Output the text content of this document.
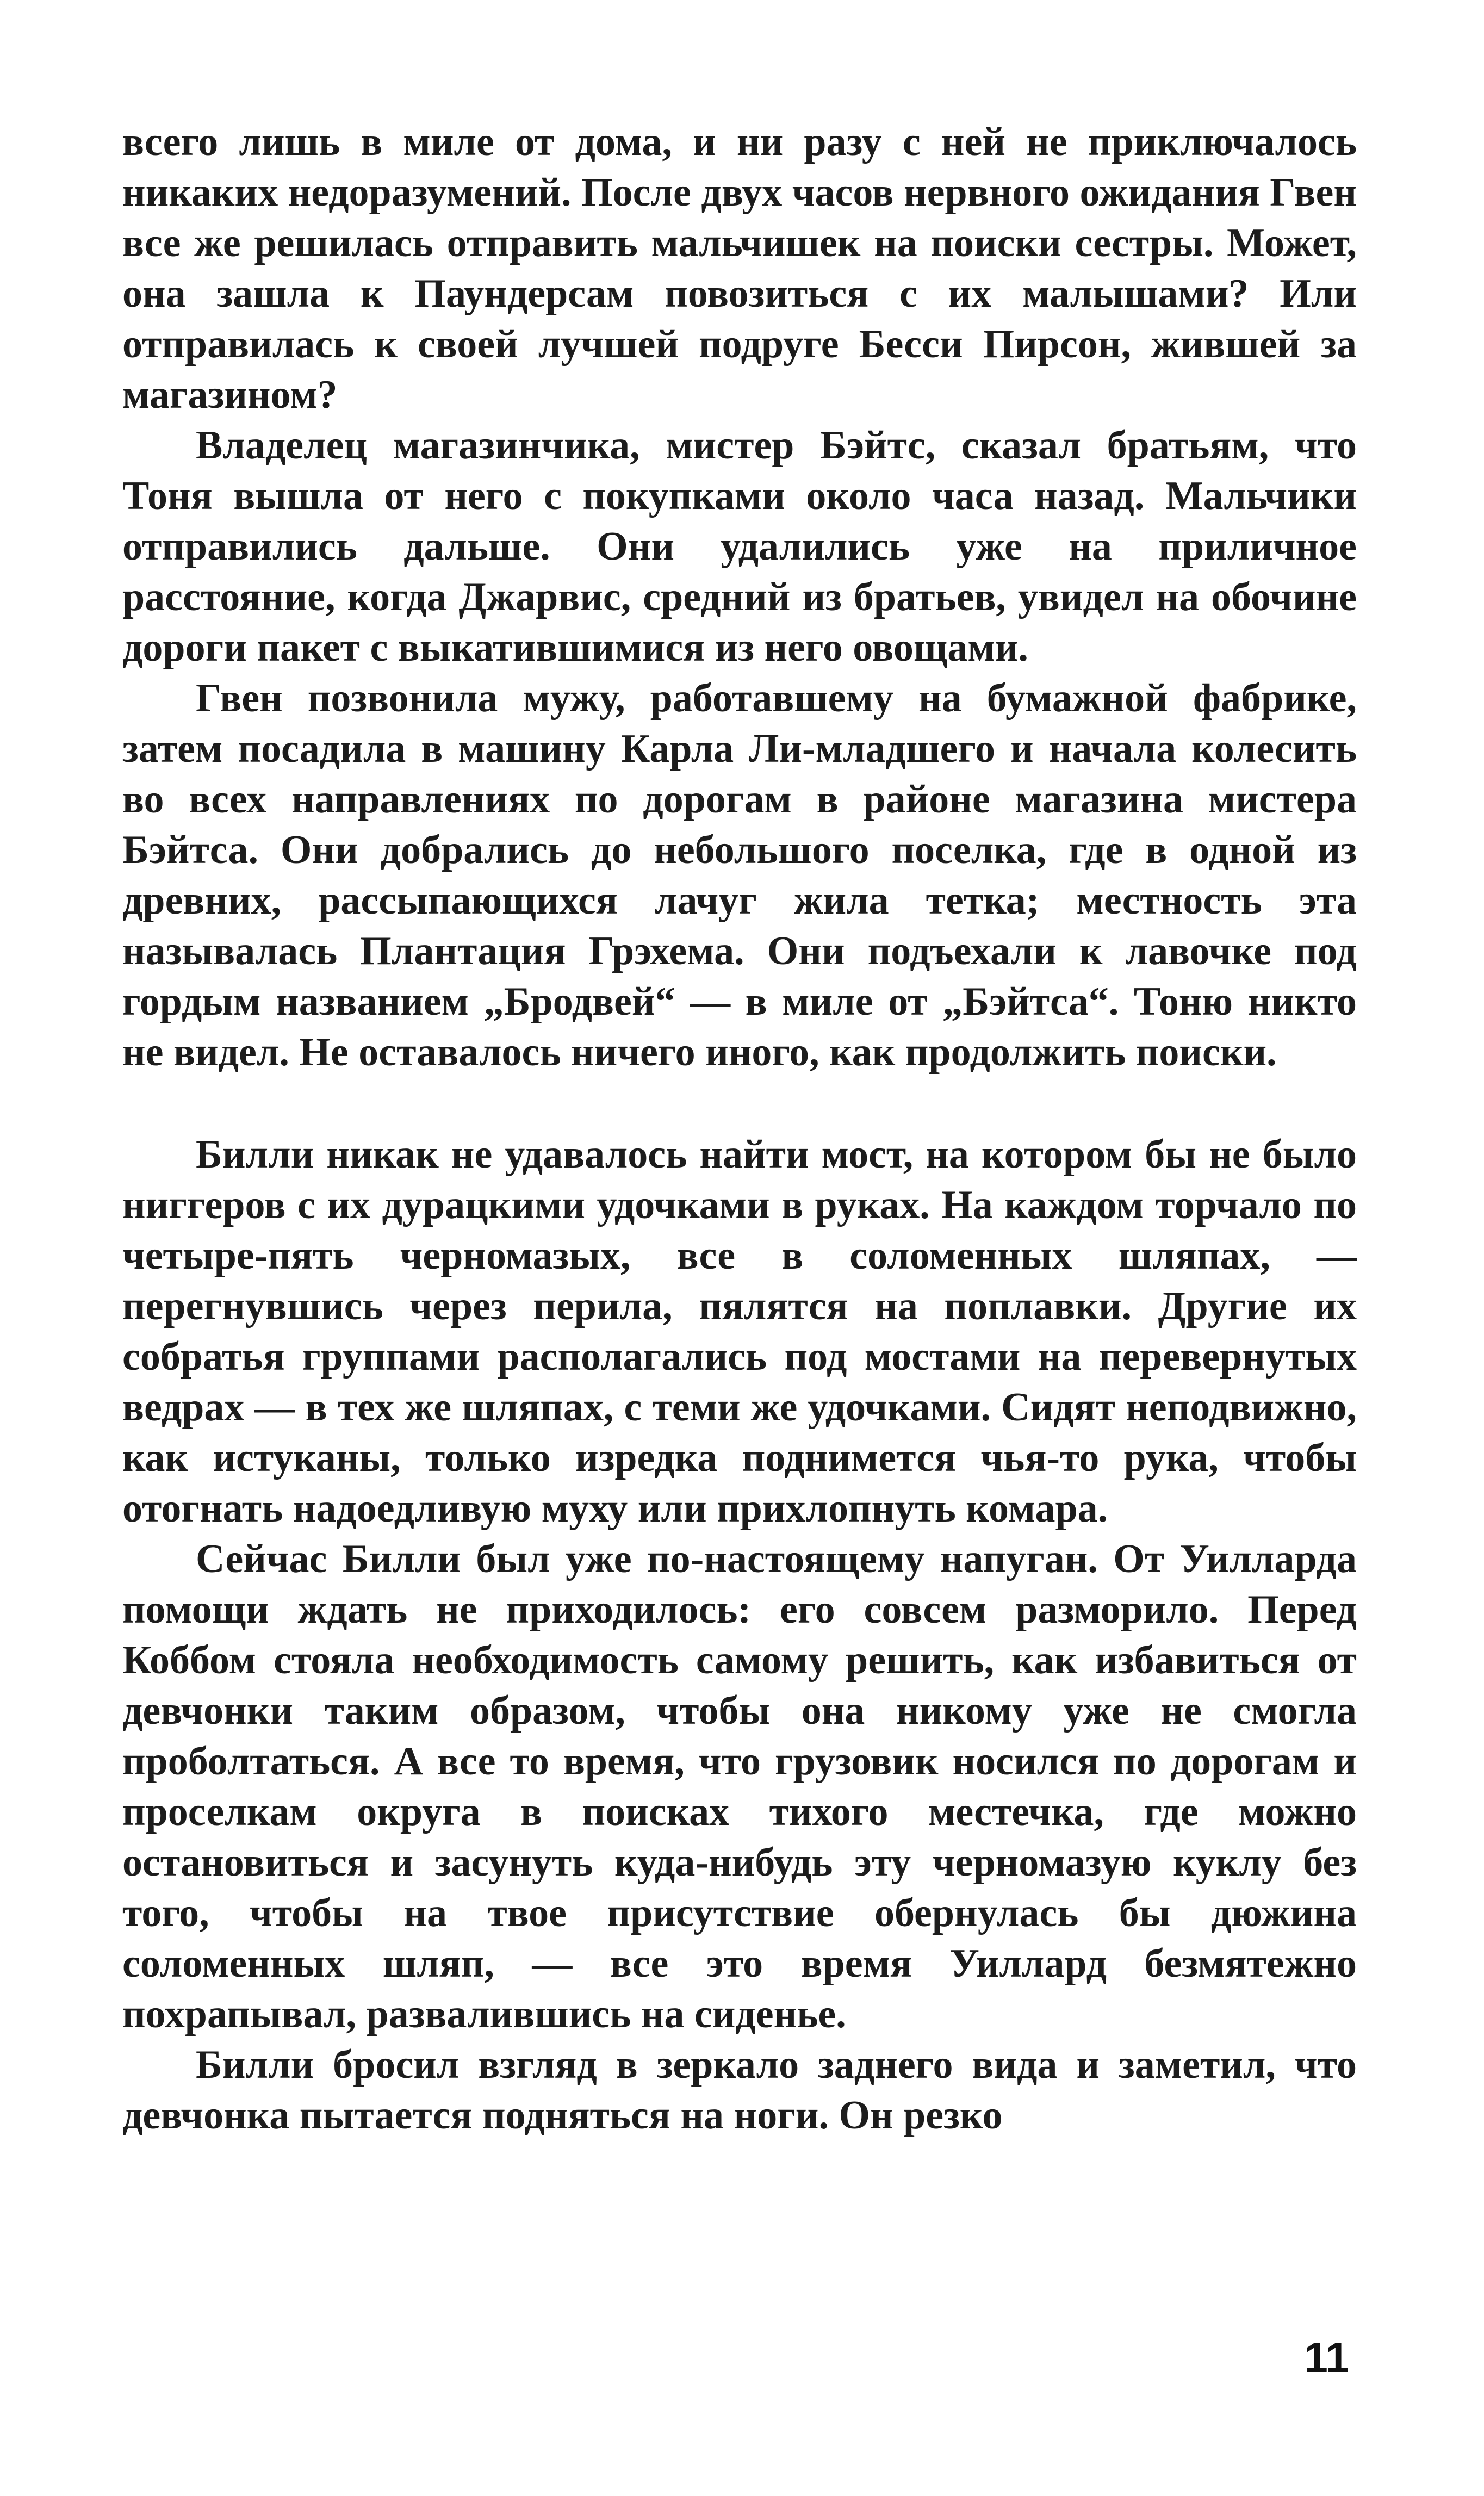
всего лишь в миле от дома, и ни разу с ней не приключалось никаких недоразумений. После двух часов нервного ожидания Гвен все же решилась отправить мальчишек на поиски сестры. Может, она зашла к Паундерсам повозиться с их малышами? Или отправилась к своей лучшей подруге Бесси Пирсон, жившей за магазином?

Владелец магазинчика, мистер Бэйтс, сказал братьям, что Тоня вышла от него с покупками около часа назад. Мальчики отправились дальше. Они удалились уже на приличное расстояние, когда Джарвис, средний из братьев, увидел на обочине дороги пакет с выкатившимися из него овощами.

Гвен позвонила мужу, работавшему на бумажной фабрике, затем посадила в машину Карла Ли-младшего и начала колесить во всех направлениях по дорогам в районе магазина мистера Бэйтса. Они добрались до небольшого поселка, где в одной из древних, рассыпающихся лачуг жила тетка; местность эта называлась Плантация Грэхема. Они подъехали к лавочке под гордым названием „Бродвей“ — в миле от „Бэйтса“. Тоню никто не видел. Не оставалось ничего иного, как продолжить поиски.

Билли никак не удавалось найти мост, на котором бы не было ниггеров с их дурацкими удочками в руках. На каждом торчало по четыре-пять черномазых, все в соломенных шляпах, — перегнувшись через перила, пялятся на поплавки. Другие их собратья группами располагались под мостами на перевернутых ведрах — в тех же шляпах, с теми же удочками. Сидят неподвижно, как истуканы, только изредка поднимется чья-то рука, чтобы отогнать надоедливую муху или прихлопнуть комара.

Сейчас Билли был уже по-настоящему напуган. От Уилларда помощи ждать не приходилось: его совсем разморило. Перед Коббом стояла необходимость самому решить, как избавиться от девчонки таким образом, чтобы она никому уже не смогла проболтаться. А все то время, что грузовик носился по дорогам и проселкам округа в поисках тихого местечка, где можно остановиться и засунуть куда-нибудь эту черномазую куклу без того, чтобы на твое присутствие обернулась бы дюжина соломенных шляп, — все это время Уиллард безмятежно похрапывал, развалившись на сиденье.

Билли бросил взгляд в зеркало заднего вида и заметил, что девчонка пытается подняться на ноги. Он резко

11
